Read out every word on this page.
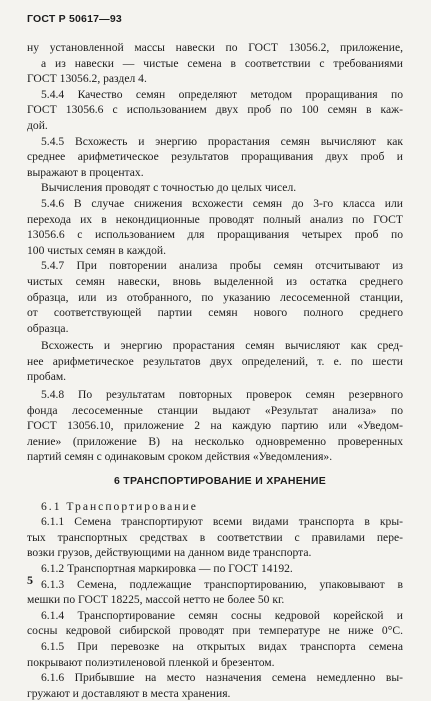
ГОСТ Р 50617—93
ну установленной массы навески по ГОСТ 13056.2, приложение,
а из навески — чистые семена в соответствии с требованиями
ГОСТ 13056.2, раздел 4.
5.4.4 Качество семян определяют методом проращивания по
ГОСТ 13056.6 с использованием двух проб по 100 семян в каж-
дой.
5.4.5 Всхожесть и энергию прорастания семян вычисляют как
среднее арифметическое результатов проращивания двух проб и
выражают в процентах.
Вычисления проводят с точностью до целых чисел.
5.4.6 В случае снижения всхожести семян до 3-го класса или
перехода их в некондиционные проводят полный анализ по ГОСТ
13056.6 с использованием для проращивания четырех проб по
100 чистых семян в каждой.
5.4.7 При повторении анализа пробы семян отсчитывают из
чистых семян навески, вновь выделенной из остатка среднего
образца, или из отобранного, по указанию лесосеменной станции,
от соответствующей партии семян нового полного среднего
образца.
Всхожесть и энергию прорастания семян вычисляют как сред-
нее арифметическое результатов двух определений, т. е. по шести
пробам.
5.4.8 По результатам повторных проверок семян резервного
фонда лесосеменные станции выдают «Результат анализа» по
ГОСТ 13056.10, приложение 2 на каждую партию или «Уведом-
ление» (приложение В) на несколько одновременно проверенных
партий семян с одинаковым сроком действия «Уведомления».
6 ТРАНСПОРТИРОВАНИЕ И ХРАНЕНИЕ
6.1 Транспортирование
6.1.1 Семена транспортируют всеми видами транспорта в кры-
тых транспортных средствах в соответствии с правилами пере-
возки грузов, действующими на данном виде транспорта.
6.1.2 Транспортная маркировка — по ГОСТ 14192.
6.1.3 Семена, подлежащие транспортированию, упаковывают в
мешки по ГОСТ 18225, массой нетто не более 50 кг.
6.1.4 Транспортирование семян сосны кедровой корейской и
сосны кедровой сибирской проводят при температуре не ниже 0°С.
6.1.5 При перевозке на открытых видах транспорта семена
покрывают полиэтиленовой пленкой и брезентом.
6.1.6 Прибывшие на место назначения семена немедленно вы-
гружают и доставляют в места хранения.
5
